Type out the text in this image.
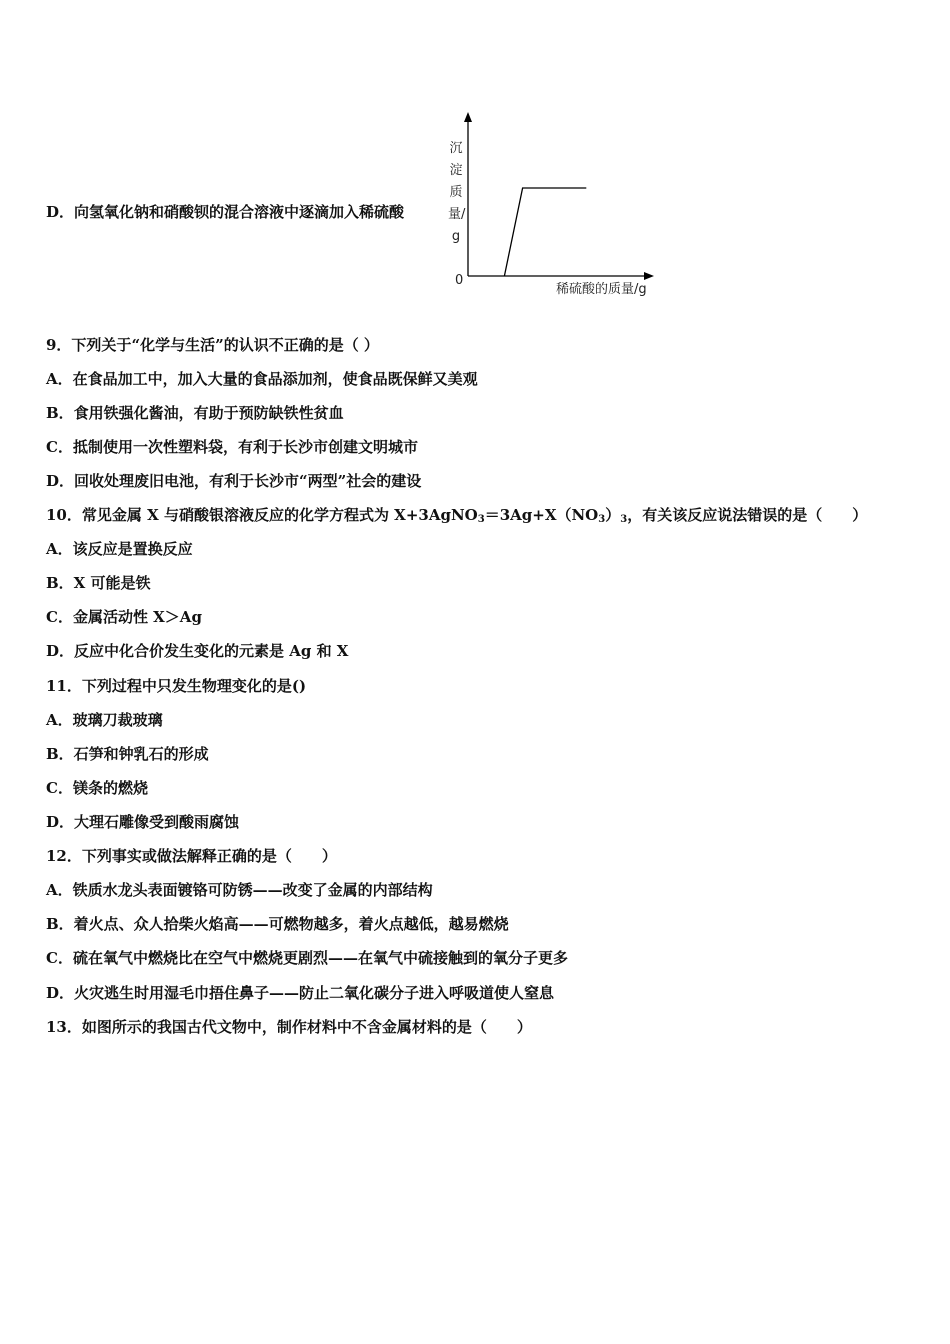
D．向氢氧化钠和硝酸钡的混合溶液中逐滴加入稀硫酸
沉淀质量/g
0
稀硫酸的质量/g
9．下列关于“化学与生活”的认识不正确的是（ ）
A．在食品加工中，加入大量的食品添加剂，使食品既保鲜又美观
B．食用铁强化酱油，有助于预防缺铁性贫血
C．抵制使用一次性塑料袋，有利于长沙市创建文明城市
D．回收处理废旧电池，有利于长沙市“两型”社会的建设
10．常见金属 X 与硝酸银溶液反应的化学方程式为 $X+3AgNO_3=3Ag+X(NO_3)_3$，有关该反应说法错误的是（　　）
A．该反应是置换反应
B．X 可能是铁
C．金属活动性 X＞Ag
D．反应中化合价发生变化的元素是 Ag 和 X
11．下列过程中只发生物理变化的是()
A．玻璃刀裁玻璃
B．石笋和钟乳石的形成
C．镁条的燃烧
D．大理石雕像受到酸雨腐蚀
12．下列事实或做法解释正确的是（　　）
A．铁质水龙头表面镀铬可防锈——改变了金属的内部结构
B．着火点、众人拾柴火焰高——可燃物越多，着火点越低，越易燃烧
C．硫在氧气中燃烧比在空气中燃烧更剧烈——在氧气中硫接触到的氧分子更多
D．火灾逃生时用湿毛巾捂住鼻子——防止二氧化碳分子进入呼吸道使人窒息
13．如图所示的我国古代文物中，制作材料中不含金属材料的是（　　）
